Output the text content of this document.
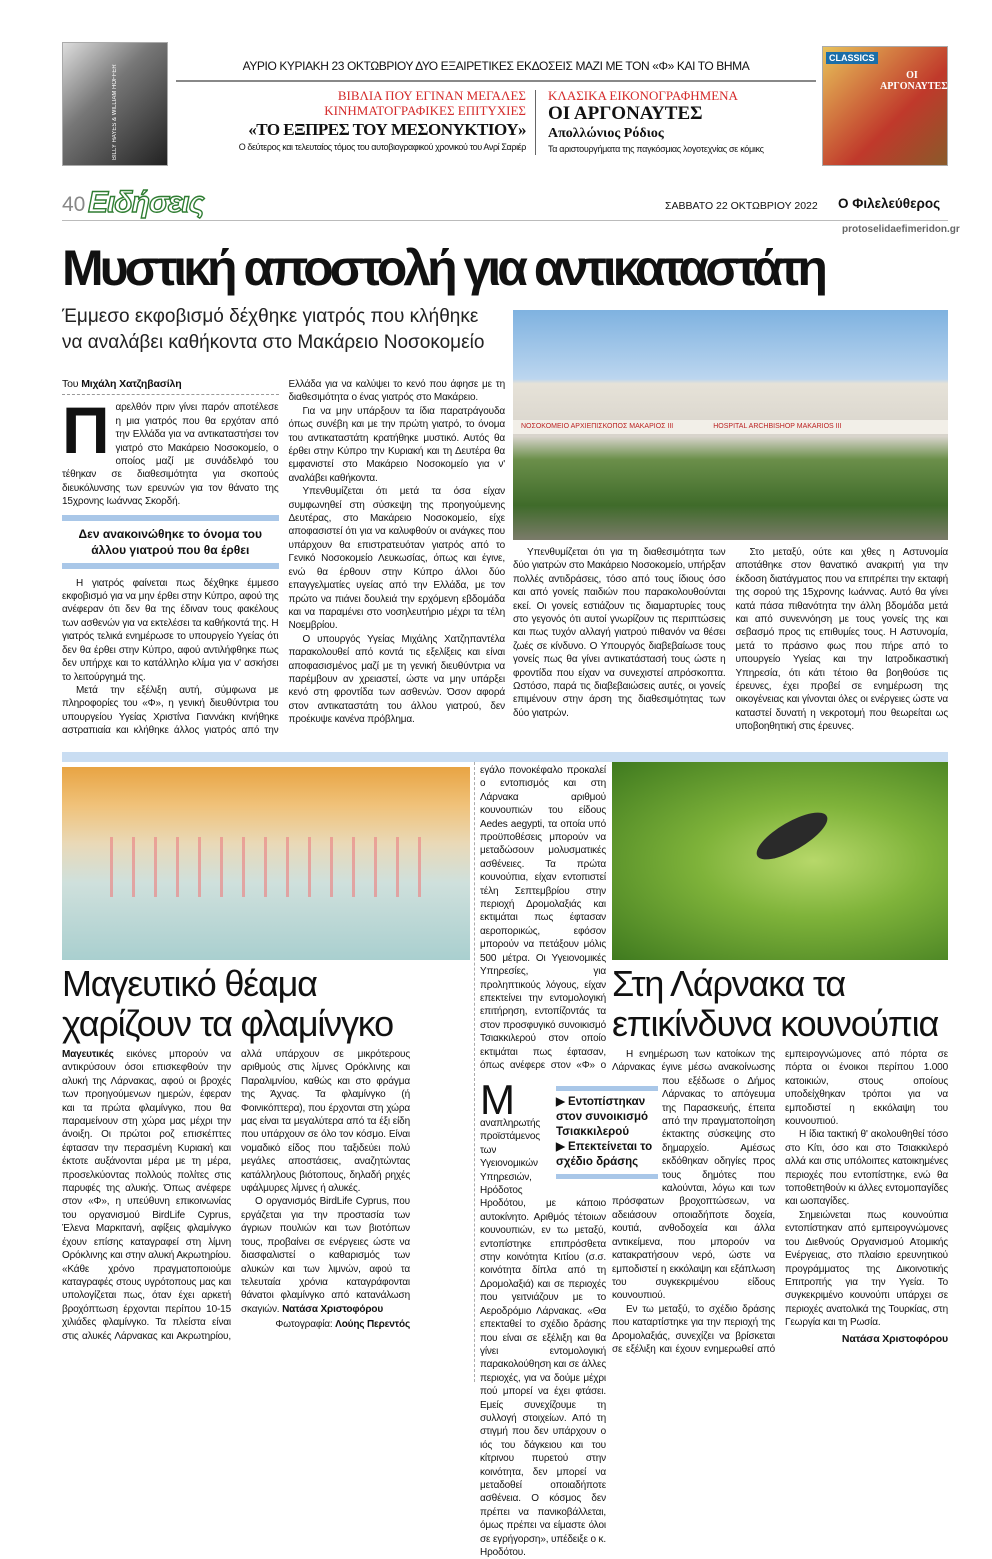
BILLY HAYES & WILLIAM HOFFER
CLASSICS
ΟΙ ΑΡΓΟΝΑΥΤΕΣ
ΑΥΡΙΟ ΚΥΡΙΑΚΗ 23 ΟΚΤΩΒΡΙΟΥ ΔΥΟ ΕΞΑΙΡΕΤΙΚΕΣ ΕΚΔΟΣΕΙΣ ΜΑΖΙ ΜΕ ΤΟΝ «Φ» ΚΑΙ ΤΟ ΒΗΜΑ
ΒΙΒΛΙΑ ΠΟΥ ΕΓΙΝΑΝ ΜΕΓΑΛΕΣ
ΚΙΝΗΜΑΤΟΓΡΑΦΙΚΕΣ ΕΠΙΤΥΧΙΕΣ
«ΤΟ ΕΞΠΡΕΣ ΤΟΥ ΜΕΣΟΝΥΚΤΙΟΥ»
Ο δεύτερος και τελευταίος τόμος του αυτοβιογραφικού χρονικού του Ανρί Σαριέρ
ΚΛΑΣΙΚΑ ΕΙΚΟΝΟΓΡΑΦΗΜΕΝΑ
ΟΙ ΑΡΓΟΝΑΥΤΕΣ
Απολλώνιος Ρόδιος
Τα αριστουργήματα της παγκόσμιας λογοτεχνίας σε κόμικς
40 Ειδήσεις	ΣΑΒΒΑΤΟ 22 ΟΚΤΩΒΡΙΟΥ 2022 Ο Φιλελεύθερος
protoselidaefimeridon.gr
Μυστική αποστολή για αντικαταστάτη
Έμμεσο εκφοβισμό δέχθηκε γιατρός που κλήθηκε
να αναλάβει καθήκοντα στο Μακάρειο Νοσοκομείο
ΝΟΣΟΚΟΜΕΙΟ ΑΡΧΙΕΠΙΣΚΟΠΟΣ ΜΑΚΑΡΙΟΣ ΙΙΙ	HOSPITAL ARCHBISHOP MAKARIOS III
Του Μιχάλη Χατζηβασίλη

Παρελθόν πριν γίνει παρόν αποτέλεσε η μια γιατρός που θα ερχόταν από την Ελλάδα για να αντικαταστήσει τον γιατρό στο Μακάρειο Νοσοκομείο, ο οποίος μαζί με συνάδελφό του τέθηκαν σε διαθεσιμότητα για σκοπούς διευκόλυνσης των ερευνών για τον θάνατο της 15χρονης Ιωάννας Σκορδή.

Δεν ανακοινώθηκε το όνομα του άλλου γιατρού που θα έρθει

Η γιατρός φαίνεται πως δέχθηκε έμμεσο εκφοβισμό για να μην έρθει στην Κύπρο, αφού της ανέφεραν ότι δεν θα της έδιναν τους φακέλους των ασθενών για να εκτελέσει τα καθήκοντά της. Η γιατρός τελικά ενημέρωσε το υπουργείο Υγείας ότι δεν θα έρθει στην Κύπρο, αφού αντιλήφθηκε πως δεν υπήρχε και το κατάλληλο κλίμα για ν' ασκήσει το λειτούργημά της.

Μετά την εξέλιξη αυτή, σύμφωνα με πληροφορίες του «Φ», η γενική διευθύντρια του υπουργείου Υγείας Χριστίνα Γιαννάκη κινήθηκε αστραπιαία και κλήθηκε άλλος γιατρός από την Ελλάδα για να καλύψει το κενό που άφησε με τη διαθεσιμότητα ο ένας γιατρός στο Μακάρειο.

Για να μην υπάρξουν τα ίδια παρατράγουδα όπως συνέβη και με την πρώτη γιατρό, το όνομα του αντικαταστάτη κρατήθηκε μυστικό. Αυτός θα έρθει στην Κύπρο την Κυριακή και τη Δευτέρα θα εμφανιστεί στο Μακάρειο Νοσοκομείο για ν' αναλάβει καθήκοντα.

Υπενθυμίζεται ότι μετά τα όσα είχαν συμφωνηθεί στη σύσκεψη της προηγούμενης Δευτέρας, στο Μακάρειο Νοσοκομείο, είχε αποφασιστεί ότι για να καλυφθούν οι ανάγκες που υπάρχουν θα επιστρατευόταν γιατρός από το Γενικό Νοσοκομείο Λευκωσίας, όπως και έγινε, ενώ θα έρθουν στην Κύπρο άλλοι δύο επαγγελματίες υγείας από την Ελλάδα, με τον πρώτο να πιάνει δουλειά την ερχόμενη εβδομάδα και να παραμένει στο νοσηλευτήριο μέχρι τα τέλη Νοεμβρίου.

Ο υπουργός Υγείας Μιχάλης Χατζηπαντέλα παρακολουθεί από κοντά τις εξελίξεις και είναι αποφασισμένος μαζί με τη γενική διευθύντρια να παρέμβουν αν χρειαστεί, ώστε να μην υπάρξει κενό στη φροντίδα των ασθενών. Όσον αφορά στον αντικαταστάτη του άλλου γιατρού, δεν προέκυψε κανένα πρόβλημα.

Υπενθυμίζεται ότι για τη διαθεσιμότητα των δύο γιατρών στο Μακάρειο Νοσοκομείο, υπήρξαν πολλές αντιδράσεις, τόσο από τους ίδιους όσο και από γονείς παιδιών που παρακολουθούνται εκεί. Οι γονείς εστιάζουν τις διαμαρτυρίες τους στο γεγονός ότι αυτοί γνωρίζουν τις περιπτώσεις και πως τυχόν αλλαγή γιατρού πιθανόν να θέσει ζωές σε κίνδυνο. Ο Υπουργός διαβεβαίωσε τους γονείς πως θα γίνει αντικατάστασή τους ώστε η φροντίδα που είχαν να συνεχιστεί απρόσκοπτα. Ωστόσο, παρά τις διαβεβαιώσεις αυτές, οι γονείς επιμένουν στην άρση της διαθεσιμότητας των δύο γιατρών.

Στο μεταξύ, ούτε και χθες η Αστυνομία αποτάθηκε στον θανατικό ανακριτή για την έκδοση διατάγματος που να επιτρέπει την εκταφή της σορού της 15χρονης Ιωάννας. Αυτό θα γίνει κατά πάσα πιθανότητα την άλλη βδομάδα μετά και από συνεννόηση με τους γονείς της και σεβασμό προς τις επιθυμίες τους. Η Αστυνομία, μετά το πράσινο φως που πήρε από το υπουργείο Υγείας και την Ιατροδικαστική Υπηρεσία, ότι κάτι τέτοιο θα βοηθούσε τις έρευνες, έχει προβεί σε ενημέρωση της οικογένειας και γίνονται όλες οι ενέργειες ώστε να καταστεί δυνατή η νεκροτομή που θεωρείται ως υποβοηθητική στις έρευνες.

Μαγευτικό θέαμα
χαρίζουν τα φλαμίνγκο

Μαγευτικές εικόνες μπορούν να αντικρύσουν όσοι επισκεφθούν την αλυκή της Λάρνακας, αφού οι βροχές των προηγούμενων ημερών, έφεραν και τα πρώτα φλαμίνγκο, που θα παραμείνουν στη χώρα μας μέχρι την άνοιξη. Οι πρώτοι ροζ επισκέπτες έφτασαν την περασμένη Κυριακή και έκτοτε αυξάνονται μέρα με τη μέρα, προσελκύοντας πολλούς πολίτες στις παρυφές της αλυκής. Όπως ανέφερε στον «Φ», η υπεύθυνη επικοινωνίας του οργανισμού BirdLife Cyprus, Έλενα Μαρκιτανή, αφίξεις φλαμίνγκο έχουν επίσης καταγραφεί στη λίμνη Ορόκλινης και στην αλυκή Ακρωτηρίου. «Κάθε χρόνο πραγματοποιούμε καταγραφές στους υγρότοπους μας και υπολογίζεται πως, όταν έχει αρκετή βροχόπτωση έρχονται περίπου 10-15 χιλιάδες φλαμίνγκο. Τα πλείστα είναι στις αλυκές Λάρνακας και Ακρωτηρίου, αλλά υπάρχουν σε μικρότερους αριθμούς στις λίμνες Ορόκλινης και Παραλιμνίου, καθώς και στο φράγμα της Άχνας. Τα φλαμίνγκο (ή Φοινικόπτερα), που έρχονται στη χώρα μας είναι τα μεγαλύτερα από τα έξι είδη που υπάρχουν σε όλο τον κόσμο. Είναι νομαδικό είδος που ταξιδεύει πολύ μεγάλες αποστάσεις, αναζητώντας κατάλληλους βιότοπους, δηλαδή ρηχές υφάλμυρες λίμνες ή αλυκές.

Ο οργανισμός BirdLife Cyprus, που εργάζεται για την προστασία των άγριων πουλιών και των βιοτόπων τους, προβαίνει σε ενέργειες ώστε να διασφαλιστεί ο καθαρισμός των αλυκών και των λιμνών, αφού τα τελευταία χρόνια καταγράφονται θάνατοι φλαμίνγκο από κατανάλωση σκαγιών. Νατάσα Χριστοφόρου

Φωτογραφία: Λούης Περεντός

Μ
εγάλο πονοκέφαλο προκαλεί ο εντοπισμός και στη Λάρνακα αριθμού κουνουπιών του είδους Aedes aegypti, τα οποία υπό προϋποθέσεις μπορούν να μεταδώσουν μολυσματικές ασθένειες. Τα πρώτα κουνούπια, είχαν εντοπιστεί τέλη Σεπτεμβρίου στην περιοχή Δρομολαξιάς και εκτιμάται πως έφτασαν αεροπορικώς, εφόσον μπορούν να πετάξουν μόλις 500 μέτρα. Οι Υγειονομικές Υπηρεσίες, για προληπτικούς λόγους, είχαν επεκτείνει την εντομολογική επιτήρηση, εντοπίζοντάς τα στον προσφυγικό συνοικισμό Τσιακκιλερού στον οποίο εκτιμάται πως έφτασαν, όπως ανέφερε στον «Φ» ο αναπληρωτής προϊστάμενος των Υγειονομικών Υπηρεσιών, Ηρόδοτος Ηροδότου, με κάποιο αυτοκίνητο. Αριθμός τέτοιων κουνουπιών, εν τω μεταξύ, εντοπίστηκε επιπρόσθετα στην κοινότητα Κιτίου (σ.σ. κοινότητα δίπλα από τη Δρομολαξιά) και σε περιοχές που γειτνιάζουν με το Αεροδρόμιο Λάρνακας. «Θα επεκταθεί το σχέδιο δράσης που είναι σε εξέλιξη και θα γίνει εντομολογική παρακολούθηση και σε άλλες περιοχές, για να δούμε μέχρι πού μπορεί να έχει φτάσει. Εμείς συνεχίζουμε τη συλλογή στοιχείων. Από τη στιγμή που δεν υπάρχουν ο ιός του δάγκειου και του κίτρινου πυρετού στην κοινότητα, δεν μπορεί να μεταδοθεί οποιαδήποτε ασθένεια. Ο κόσμος δεν πρέπει να πανικοβάλλεται, όμως πρέπει να είμαστε όλοι σε εγρήγορση», υπέδειξε ο κ. Ηροδότου.

▶ Εντοπίστηκαν στον συνοικισμό Τσιακκιλερού
▶ Επεκτείνεται το σχέδιο δράσης
Στη Λάρνακα τα
επικίνδυνα κουνούπια

Η ενημέρωση των κατοίκων της Λάρνακας έγινε μέσω ανακοίνωσης που εξέδωσε ο Δήμος Λάρνακας το απόγευμα της Παρασκευής, έπειτα από την πραγματοποίηση έκτακτης σύσκεψης στο δημαρχείο. Αμέσως εκδόθηκαν οδηγίες προς τους δημότες που καλούνται, λόγω και των πρόσφατων βροχοπτώσεων, να αδειάσουν οποιαδήποτε δοχεία, κουτιά, ανθοδοχεία και άλλα αντικείμενα, που μπορούν να κατακρατήσουν νερό, ώστε να εμποδιστεί η εκκόλαψη και εξάπλωση του συγκεκριμένου είδους κουνουπιού.

Εν τω μεταξύ, το σχέδιο δράσης που καταρτίστηκε για την περιοχή της Δρομολαξιάς, συνεχίζει να βρίσκεται σε εξέλιξη και έχουν ενημερωθεί από εμπειρογνώμονες από πόρτα σε πόρτα οι ένοικοι περίπου 1.000 κατοικιών, στους οποίους υποδείχθηκαν τρόποι για να εμποδιστεί η εκκόλαψη του κουνουπιού.

Η ίδια τακτική θ' ακολουθηθεί τόσο στο Κίτι, όσο και στο Τσιακκιλερό αλλά και στις υπόλοιπες κατοικημένες περιοχές που εντοπίστηκε, ενώ θα τοποθετηθούν κι άλλες εντομοπαγίδες και ωοπαγίδες.

Σημειώνεται πως κουνούπια εντοπίστηκαν από εμπειρογνώμονες του Διεθνούς Οργανισμού Ατομικής Ενέργειας, στο πλαίσιο ερευνητικού προγράμματος της Δικοινοτικής Επιτροπής για την Υγεία. Το συγκεκριμένο κουνούπι υπάρχει σε περιοχές ανατολικά της Τουρκίας, στη Γεωργία και τη Ρωσία.

Νατάσα Χριστοφόρου
